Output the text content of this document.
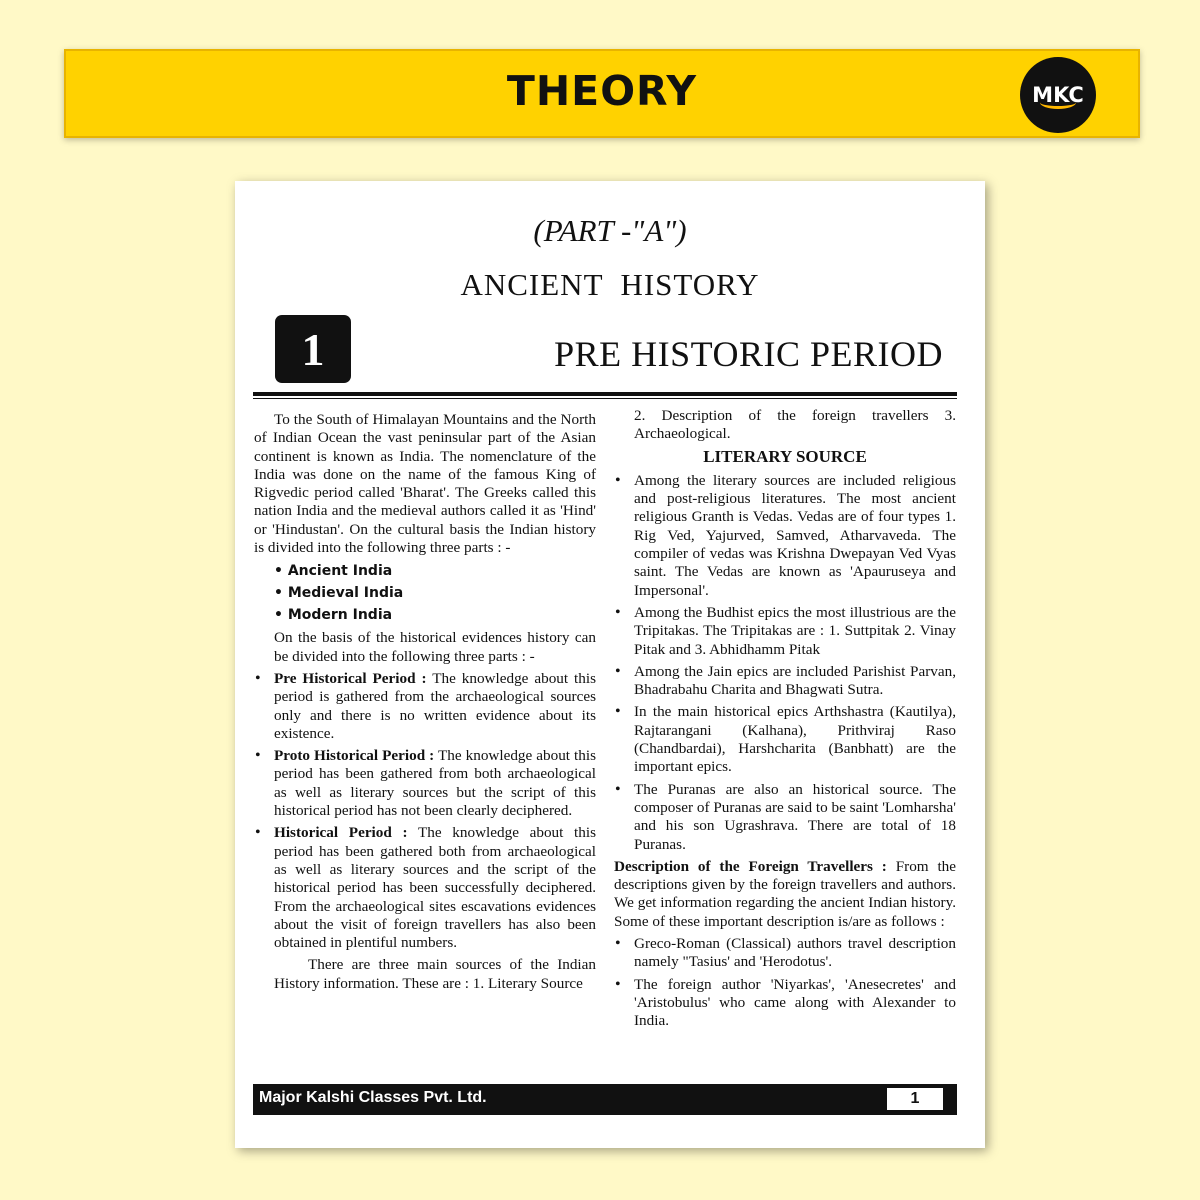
THEORY	MKC
(PART -"A")
ANCIENT  HISTORY
1	PRE HISTORIC PERIOD

To the South of Himalayan Mountains and the North of Indian Ocean the vast peninsular part of the Asian continent is known as India. The nomenclature of the India was done on the name of the famous King of Rigvedic period called 'Bharat'. The Greeks called this nation India and the medieval authors called it as 'Hind' or 'Hindustan'. On the cultural basis the Indian history is divided into the following three parts : -

• Ancient India
• Medieval India
• Modern India

On the basis of the historical evidences history can be divided into the following three parts : -

• Pre Historical Period : The knowledge about this period is gathered from the archaeological sources only and there is no written evidence about its existence.
• Proto Historical Period : The knowledge about this period has been gathered from both archaeological as well as literary sources but the script of this historical period has not been clearly deciphered.
• Historical Period : The knowledge about this period has been gathered both from archaeological as well as literary sources and the script of the historical period has been successfully deciphered. From the archaeological sites escavations evidences about the visit of foreign travellers has also been obtained in plentiful numbers.

There are three main sources of the Indian History information. These are : 1. Literary Source

2. Description of the foreign travellers 3. Archaeological.

LITERARY SOURCE
• Among the literary sources are included religious and post-religious literatures. The most ancient religious Granth is Vedas. Vedas are of four types 1. Rig Ved, Yajurved, Samved, Atharvaveda. The compiler of vedas was Krishna Dwepayan Ved Vyas saint. The Vedas are known as 'Apauruseya and Impersonal'.
• Among the Budhist epics the most illustrious are the Tripitakas. The Tripitakas are : 1. Suttpitak 2. Vinay Pitak and 3. Abhidhamm Pitak
• Among the Jain epics are included Parishist Parvan, Bhadrabahu Charita and Bhagwati Sutra.
• In the main historical epics Arthshastra (Kautilya), Rajtarangani (Kalhana), Prithviraj Raso (Chandbardai), Harshcharita (Banbhatt) are the important epics.
• The Puranas are also an historical source. The composer of Puranas are said to be saint 'Lomharsha' and his son Ugrashrava. There are total of 18 Puranas.

Description of the Foreign Travellers : From the descriptions given by the foreign travellers and authors. We get information regarding the ancient Indian history. Some of these important description is/are as follows :

• Greco-Roman (Classical) authors travel description namely "Tasius' and 'Herodotus'.
• The foreign author 'Niyarkas', 'Anesecretes' and 'Aristobulus' who came along with Alexander to India.
Major Kalshi Classes Pvt. Ltd.	1
